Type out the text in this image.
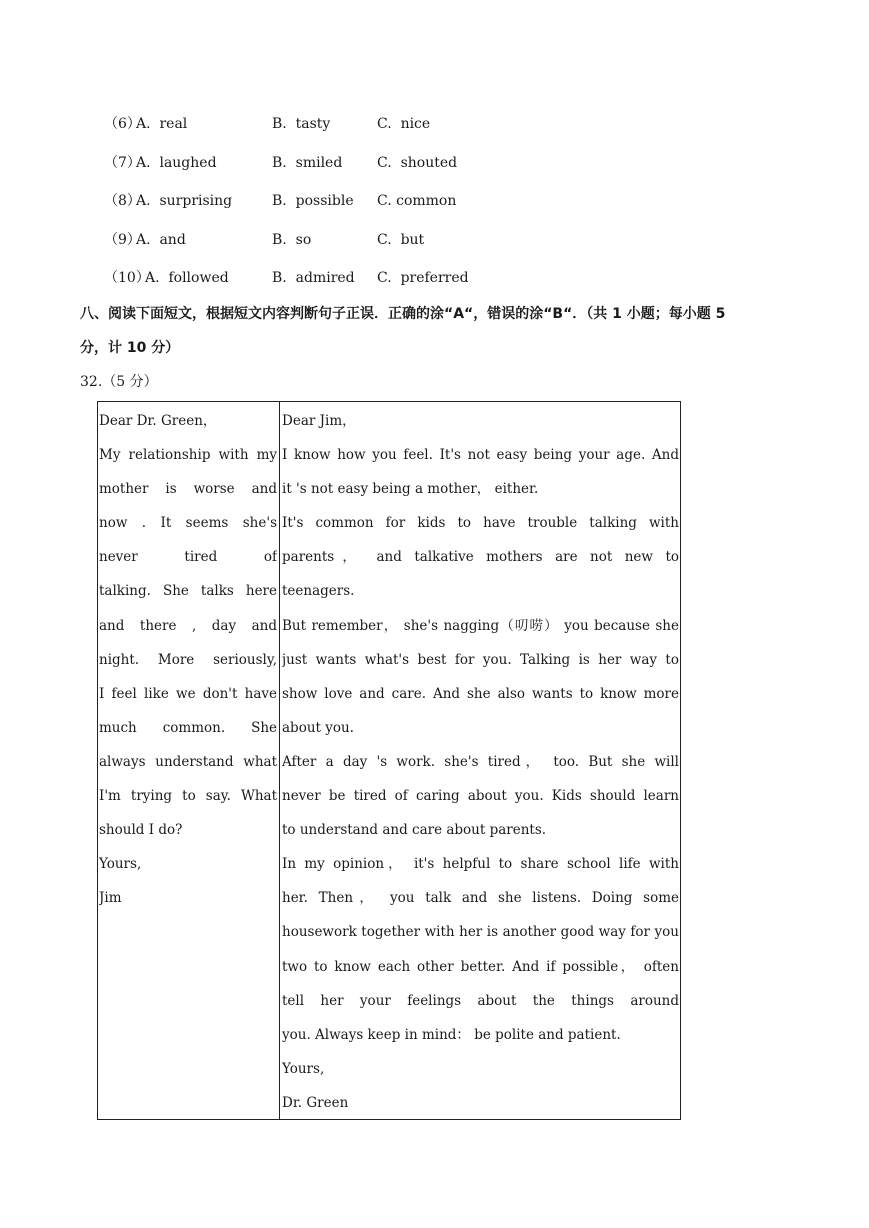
（6）

A.  real

	B.  tasty

	C.  nice

（7）

A.  laughed

	B.  smiled

C.  shouted

（8）

A.  surprising

	B.  possible

C. common

（9）

A.  and

	B.  so

	C.  but

（10）

A.  followed

	B.  admired

C.  preferred

八、阅读下面短文，根据短文内容判断句子正误．正确的涂“A“，错误的涂“B“．（共 1 小题；每小题 5
分，计 10 分）
32.（5 分）
Dear Dr. Green，
My relationship with my
mother is worse and
now . It seems she's
never tired of
talking. She talks here
and there , day and
night. More seriously,
I feel like we don't have
much common. She
always understand what
I'm trying to say. What
should I do?
Yours,
Jim
Dear Jim，
I know how you feel. It's not easy being your age. And
it 's not easy being a mother， either.
It's common for kids to have trouble talking with
parents， and talkative mothers are not new to
teenagers.
But remember， she's nagging（叨唠） you because she
just wants what's best for you. Talking is her way to
show love and care. And she also wants to know more
about you.
After a day 's work. she's tired， too. But she will
never be tired of caring about you. Kids should learn
to understand and care about parents.
In my opinion， it's helpful to share school life with
her. Then， you talk and she listens. Doing some
housework together with her is another good way for you
two to know each other better. And if possible， often
tell her your feelings about the things around
you. Always keep in mind： be polite and patient.
Yours,
Dr. Green
